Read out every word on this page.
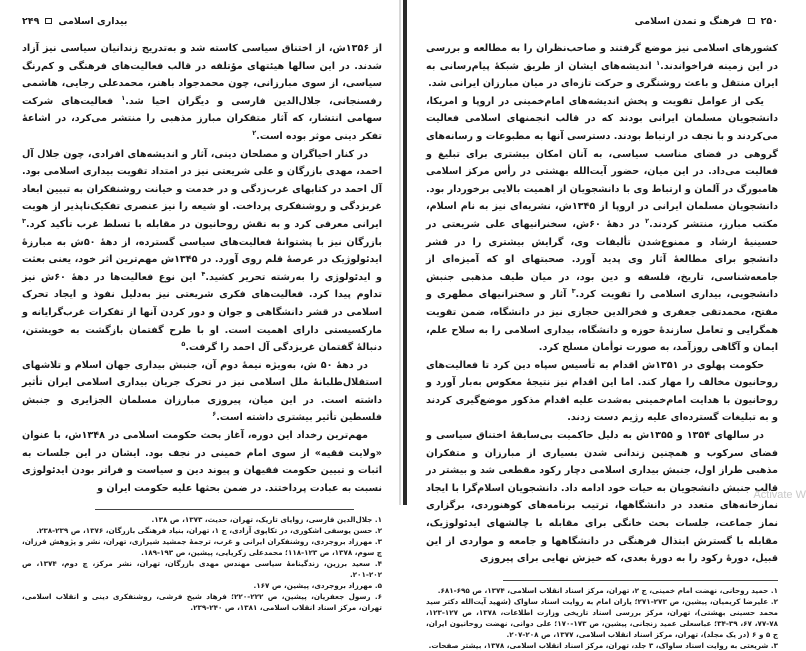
۲۴۹ بیداری اسلامی

از ۱۳۵۶ش، از اختناق سیاسی کاسته شد و به‌تدریج زندانیان سیاسی نیز آزاد شدند. در این سالها هیئتهای مؤتلفه در قالب فعالیت‌های فرهنگی و کم‌رنگ سیاسی، از سوی مبارزانی، چون محمدجواد باهنر، محمدعلی رجایی، هاشمی رفسنجانی، جلال‌الدین فارسی و دیگران احیا شد.$^۱$ فعالیت‌های شرکت سهامی انتشار، که آثار متفکران مبارز مذهبی را منتشر می‌کرد، در اشاعهٔ تفکر دینی موثر بوده است.$^۲$

در کنار احیاگران و مصلحان دینی، آثار و اندیشه‌های افرادی، چون جلال آل احمد، مهدی بازرگان و علی شریعتی نیز در امتداد تقویت بیداری اسلامی بود. آل احمد در کتابهای غرب‌زدگی و در خدمت و خیانت روشنفکران به تبیین ابعاد غربزدگی و روشنفکری پرداخت. او شیعه را نیز عنصری تفکیک‌ناپذیر از هویت ایرانی معرفی کرد و به نقش روحانیون در مقابله با تسلط غرب تأکید کرد.$^۳$ بازرگان نیز با پشتوانهٔ فعالیت‌های سیاسی گسترده، از دههٔ ۵۰ش به مبارزهٔ ایدئولوژیک در عرصهٔ قلم روی آورد. در ۱۳۴۵ش مهم‌ترین اثر خود، یعنی بعثت و ایدئولوژی را به‌رشته تحریر کشید.$^۴$ این نوع فعالیت‌ها در دههٔ ۶۰ش نیز تداوم پیدا کرد. فعالیت‌های فکری شریعتی نیز به‌دلیل نفوذ و ایجاد تحرک اسلامی در قشر دانشگاهی و جوان و دور کردن آنها از تفکرات غرب‌گرایانه و مارکسیستی دارای اهمیت است. او با طرح گفتمان بازگشت به خویشتن، دنبالهٔ گفتمان غربزدگی آل احمد را گرفت.$^۵$

در دههٔ ۵۰ ش، به‌ویژه نیمهٔ دوم آن، جنبش بیداری جهان اسلام و تلاشهای استقلال‌طلبانهٔ ملل اسلامی نیز در تحرک جریان بیداری اسلامی ایران تأثیر داشته است. در این میان، پیروزی مبارزان مسلمان الجزایری و جنبش فلسطین تأثیر بیشتری داشته است.$^۶$

مهم‌ترین رخداد این دوره، آغاز بحث حکومت اسلامی در ۱۳۴۸ش، با عنوان «ولایت فقیه» از سوی امام خمینی در نجف بود. ایشان در این جلسات به اثبات و تبیین حکومت فقیهان و پیوند دین و سیاست و فراتر بودن ایدئولوژی نسبت به عبادت پرداختند. در ضمن بحثها علیه حکومت ایران و

۱. جلال‌الدین فارسی، زوایای تاریک، تهران، حدیث، ۱۳۷۳، ص ۱۳۸.

۲. حسن یوسفی اشکوری، در تکاپوی آزادی، ج ۱، تهران، بنیاد فرهنگی بازرگان، ۱۳۷۶، ص ۲۳۹-۲۳۸.

۳. مهرزاد بروجردی، روشنفکران ایرانی و غرب، ترجمهٔ جمشید شیرازی، تهران، نشر و پژوهش فرزان، چ سوم، ۱۳۷۸، ص ۱۲۳-۱۱۸؛ محمدعلی زکریایی، پیشین، ص ۱۹۳-۱۸۹.

۴. سعید برزین، زندگینامهٔ سیاسی مهندس مهدی بازرگان، تهران، نشر مرکز، چ دوم، ۱۳۷۴، ص ۲۰۲-۲۰۱.

۵. مهرزاد بروجردی، پیشین، ص ۱۶۷.

۶. رسول جعفریان، پیشین، ص ۲۲۲-۲۲۰؛ فرهاد شیخ فرشی، روشنفکری دینی و انقلاب اسلامی، تهران، مرکز اسناد انقلاب اسلامی، ۱۳۸۱، ص ۲۴۰-۲۳۹.

فرهنگ و تمدن اسلامی ۲۵۰

کشورهای اسلامی نیز موضع گرفتند و صاحب‌نظران را به مطالعه و بررسی در این زمینه فراخواندند.$^۱$ اندیشه‌های ایشان از طریق شبکهٔ پیام‌رسانی به ایران منتقل و باعث روشنگری و حرکت تازه‌ای در میان مبارزان ایرانی شد.

یکی از عوامل تقویت و پخش اندیشه‌های امام‌خمینی در اروپا و امریکا، دانشجویان مسلمان ایرانی بودند که در قالب انجمنهای اسلامی فعالیت می‌کردند و با نجف در ارتباط بودند. دسترسی آنها به مطبوعات و رسانه‌های گروهی در فضای مناسب سیاسی، به آنان امکان بیشتری برای تبلیغ و فعالیت می‌داد. در این میان، حضور آیت‌الله بهشتی در رأس مرکز اسلامی هامبورگ در آلمان و ارتباط وی با دانشجویان از اهمیت بالایی برخوردار بود. دانشجویان مسلمان ایرانی در اروپا از ۱۳۴۵ش، نشریه‌ای نیز به نام اسلام، مکتب مبارز، منتشر کردند.$^۲$ در دههٔ ۶۰ش، سخنرانیهای علی شریعتی در حسینیهٔ ارشاد و ممنوع‌شدن تألیفات وی، گرایش بیشتری را در قشر دانشجو برای مطالعهٔ آثار وی پدید آورد. صحبتهای او که آمیزه‌ای از جامعه‌شناسی، تاریخ، فلسفه و دین بود، در میان طیف مذهبی جنبش دانشجویی، بیداری اسلامی را تقویت کرد.$^۳$ آثار و سخنرانیهای مطهری و مفتح، محمدتقی جعفری و فخرالدین حجازی نیز در دانشگاه، ضمن تقویت همگرایی و تعامل سازندهٔ حوزه و دانشگاه، بیداری اسلامی را به سلاح علم، ایمان و آگاهی روزآمد، به صورت توأمان مسلح کرد.

حکومت پهلوی در ۱۳۵۱ش اقدام به تأسیس سپاه دین کرد تا فعالیت‌های روحانیون مخالف را مهار کند. اما این اقدام نیز نتیجهٔ معکوس به‌بار آورد و روحانیون با هدایت امام‌خمینی به‌شدت علیه اقدام مذکور موضع‌گیری کردند و به تبلیغات گسترده‌ای علیه رژیم دست زدند.

در سالهای ۱۳۵۴ و ۱۳۵۵ش به دلیل حاکمیت بی‌سابقهٔ اختناق سیاسی و فضای سرکوب و همچنین زندانی شدن بسیاری از مبارزان و متفکران مذهبی طراز اول، جنبش بیداری اسلامی دچار رکود مقطعی شد و بیشتر در قالب جنبش دانشجویان به حیات خود ادامه داد. دانشجویان اسلام‌گرا با ایجاد نمازخانه‌های متعدد در دانشگاهها، ترتیب برنامه‌های کوهنوردی، برگزاری نماز جماعت، جلسات بحث خانگی برای مقابله با چالشهای ایدئولوژیک، مقابله با گسترش ابتذال فرهنگی در دانشگاهها و جامعه و مواردی از این قبیل، دورهٔ رکود را به دورهٔ بعدی، که خیزش نهایی برای پیروزی

۱. حمید روحانی، نهضت امام خمینی، ج ۲، تهران، مرکز اسناد انقلاب اسلامی، ۱۳۷۴، ص ۶۹۵-۶۸۱.

۲. علیرضا کریمیان، پیشین، ص ۲۷۳-۲۷۱؛ یاران امام به روایت اسناد ساواک (شهید آیت‌الله دکتر سید محمد حسینی بهشتی)، تهران، مرکز بررسی اسناد تاریخی وزارت اطلاعات، ۱۳۷۸، ص ۱۲۷-۱۲۳، ۷۸-۷۷، ۶۷، ۳۹-۳۴؛ عباسعلی عمید زنجانی، پیشین، ص ۱۷۳-۱۷۰؛ علی دوانی، نهضت روحانیون ایران، ج ۵ و ۶ (در یک مجلد)، تهران، مرکز اسناد انقلاب اسلامی، ۱۳۷۷، ص ۲۰۸-۲۰۷.

۳. شریعتی به روایت اسناد ساواک، ۳ جلد، تهران، مرکز اسناد انقلاب اسلامی، ۱۳۷۸، بیشتر صفحات.

Activate W
